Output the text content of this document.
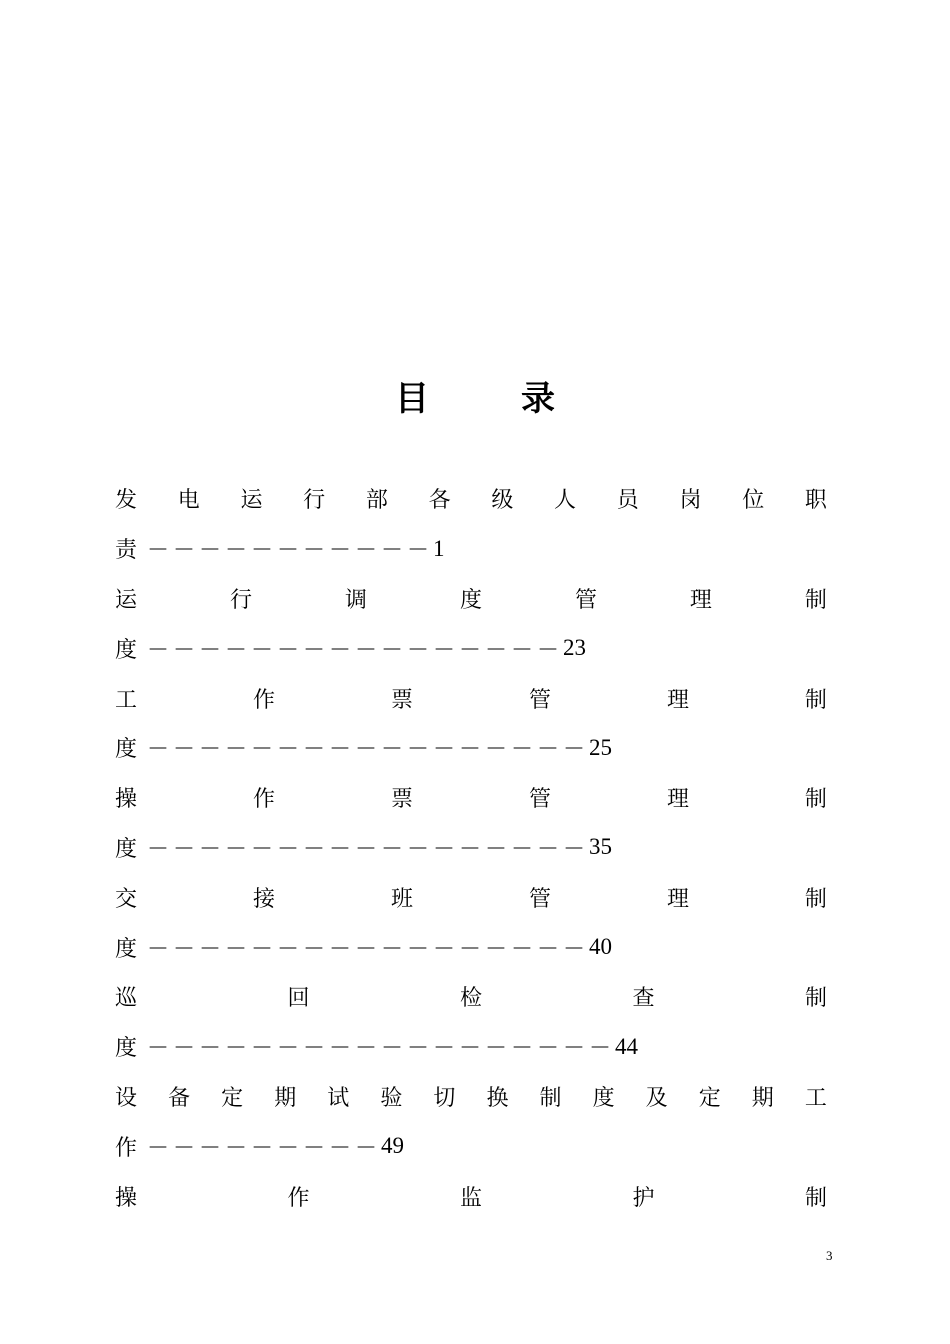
目	录
发 电 运 行 部 各 级 人 员 岗 位 职
责 －－－－－－－－－－－ 1
运	行	调	度	管	理	制
度 －－－－－－－－－－－－－－－－ 23
工	作	票	管	理	制
度 －－－－－－－－－－－－－－－－－ 25
操	作	票	管	理	制
度 －－－－－－－－－－－－－－－－－ 35
交	接	班	管	理	制
度 －－－－－－－－－－－－－－－－－ 40
巡	回	检	查	制
度 －－－－－－－－－－－－－－－－－－ 44
设 备 定 期 试 验 切 换 制 度 及 定 期 工
作 －－－－－－－－－ 49
操	作	监	护	制
3
